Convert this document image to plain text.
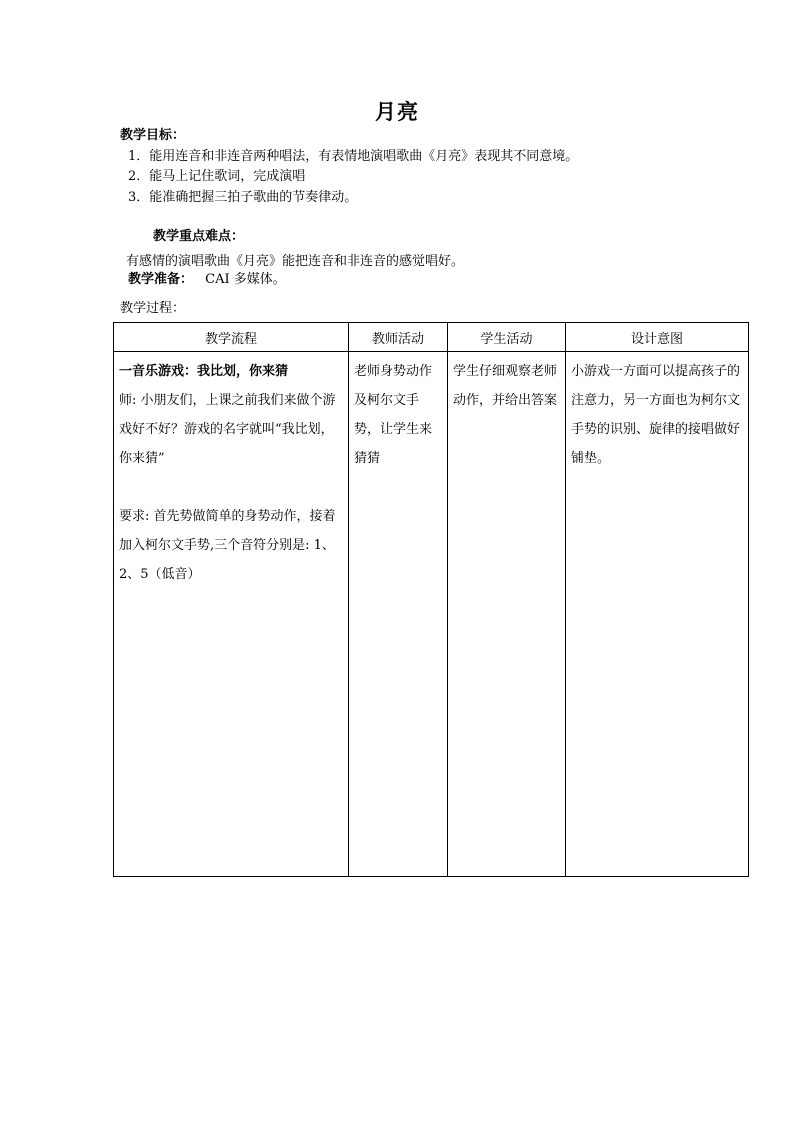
月亮
教学目标：
1．能用连音和非连音两种唱法，有表情地演唱歌曲《月亮》表现其不同意境。
2．能马上记住歌词，完成演唱
3．能准确把握三拍子歌曲的节奏律动。
教学重点难点：
有感情的演唱歌曲《月亮》能把连音和非连音的感觉唱好。
教学准备： CAI 多媒体。
教学过程：
教学流程	教师活动	学生活动	设计意图

一音乐游戏：我比划，你来猜
师: 小朋友们，上课之前我们来做个游戏好不好？游戏的名字就叫“我比划，你来猜”
要求: 首先势做简单的身势动作，接着加入柯尔文手势,三个音符分别是: 1、2、5（低音）	老师身势动作及柯尔文手势，让学生来猜猜	学生仔细观察老师动作，并给出答案	小游戏一方面可以提高孩子的注意力，另一方面也为柯尔文手势的识别、旋律的接唱做好铺垫。
